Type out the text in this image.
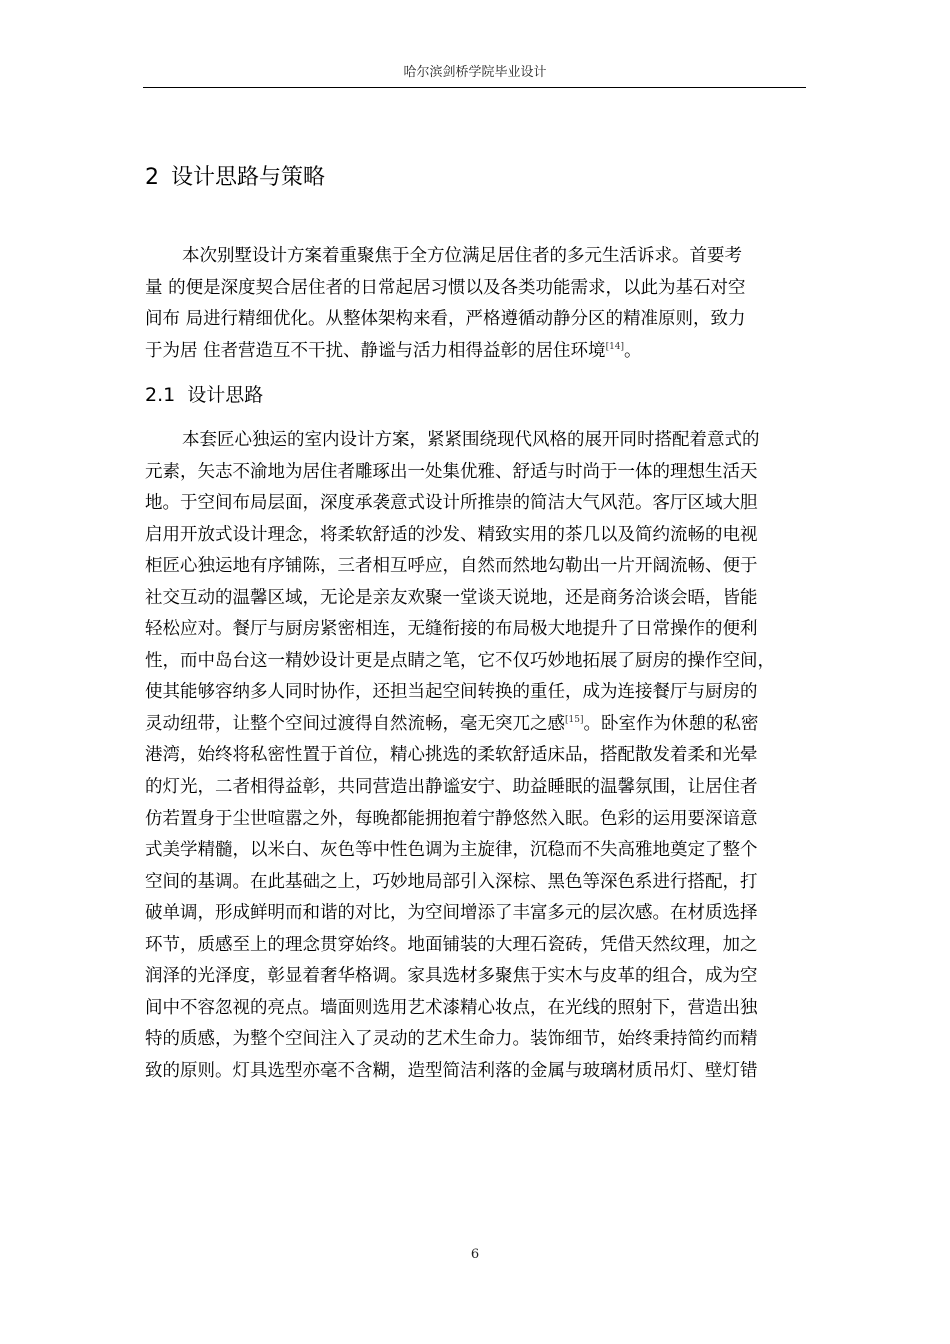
哈尔滨剑桥学院毕业设计
2 设计思路与策略
本次别墅设计方案着重聚焦于全方位满足居住者的多元生活诉求。首要考
量 的便是深度契合居住者的日常起居习惯以及各类功能需求，以此为基石对空
间布 局进行精细优化。从整体架构来看，严格遵循动静分区的精准原则，致力
于为居 住者营造互不干扰、静谧与活力相得益彰的居住环境[14]。
2.1 设计思路
本套匠心独运的室内设计方案，紧紧围绕现代风格的展开同时搭配着意式的
元素，矢志不渝地为居住者雕琢出一处集优雅、舒适与时尚于一体的理想生活天
地。于空间布局层面，深度承袭意式设计所推崇的简洁大气风范。客厅区域大胆
启用开放式设计理念，将柔软舒适的沙发、精致实用的茶几以及简约流畅的电视
柜匠心独运地有序铺陈，三者相互呼应，自然而然地勾勒出一片开阔流畅、便于
社交互动的温馨区域，无论是亲友欢聚一堂谈天说地，还是商务洽谈会晤，皆能
轻松应对。餐厅与厨房紧密相连，无缝衔接的布局极大地提升了日常操作的便利
性，而中岛台这一精妙设计更是点睛之笔，它不仅巧妙地拓展了厨房的操作空间，
使其能够容纳多人同时协作，还担当起空间转换的重任，成为连接餐厅与厨房的
灵动纽带，让整个空间过渡得自然流畅，毫无突兀之感[15]。卧室作为休憩的私密
港湾，始终将私密性置于首位，精心挑选的柔软舒适床品，搭配散发着柔和光晕
的灯光，二者相得益彰，共同营造出静谧安宁、助益睡眠的温馨氛围，让居住者
仿若置身于尘世喧嚣之外，每晚都能拥抱着宁静悠然入眠。色彩的运用要深谙意
式美学精髓，以米白、灰色等中性色调为主旋律，沉稳而不失高雅地奠定了整个
空间的基调。在此基础之上，巧妙地局部引入深棕、黑色等深色系进行搭配，打
破单调，形成鲜明而和谐的对比，为空间增添了丰富多元的层次感。在材质选择
环节，质感至上的理念贯穿始终。地面铺装的大理石瓷砖，凭借天然纹理，加之
润泽的光泽度，彰显着奢华格调。家具选材多聚焦于实木与皮革的组合，成为空
间中不容忽视的亮点。墙面则选用艺术漆精心妆点，在光线的照射下，营造出独
特的质感，为整个空间注入了灵动的艺术生命力。装饰细节，始终秉持简约而精
致的原则。灯具选型亦毫不含糊，造型简洁利落的金属与玻璃材质吊灯、壁灯错
6
